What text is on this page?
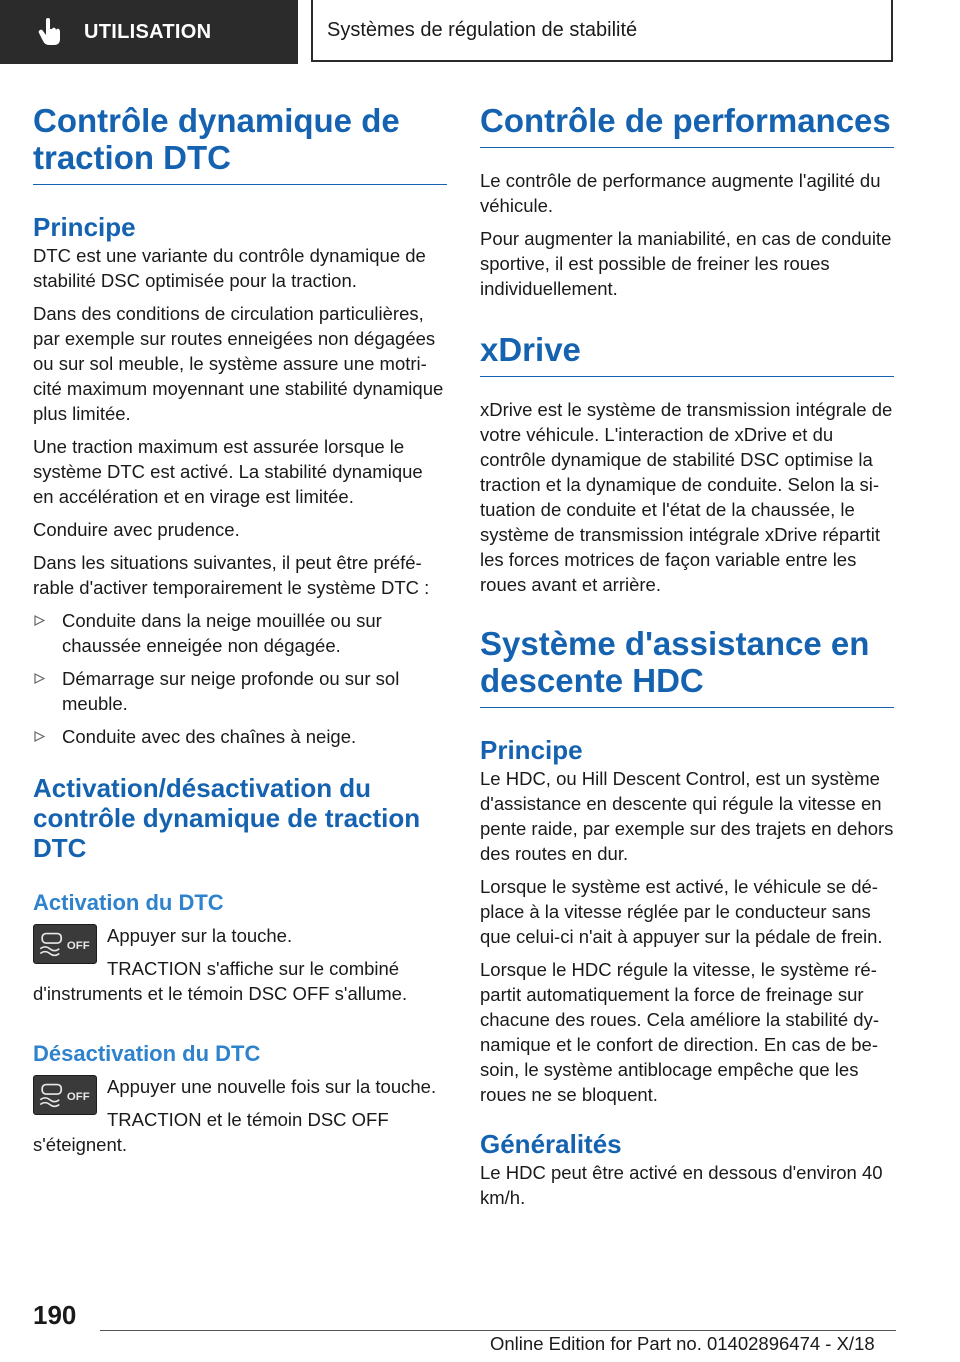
UTILISATION	Systèmes de régulation de stabilité
Contrôle dynamique de traction DTC
Principe

DTC est une variante du contrôle dynamique de stabilité DSC optimisée pour la traction.

Dans des conditions de circulation particulières, par exemple sur routes enneigées non dégagées ou sur sol meuble, le système assure une motricité maximum moyennant une stabilité dynamique plus limitée.

Une traction maximum est assurée lorsque le système DTC est activé. La stabilité dynamique en accélération et en virage est limitée.

Conduire avec prudence.

Dans les situations suivantes, il peut être préférable d'activer temporairement le système DTC :

Conduite dans la neige mouillée ou sur chaussée enneigée non dégagée.
Démarrage sur neige profonde ou sur sol meuble.
Conduite avec des chaînes à neige.
Activation/désactivation du contrôle dynamique de traction DTC
Activation du DTC
OFF Appuyer sur la touche.

TRACTION s'affiche sur le combiné d'instruments et le témoin DSC OFF s'allume.

Désactivation du DTC
OFF Appuyer une nouvelle fois sur la touche.

TRACTION et le témoin DSC OFF s'éteignent.

Contrôle de performances

Le contrôle de performance augmente l'agilité du véhicule.

Pour augmenter la maniabilité, en cas de conduite sportive, il est possible de freiner les roues individuellement.

xDrive

xDrive est le système de transmission intégrale de votre véhicule. L'interaction de xDrive et du contrôle dynamique de stabilité DSC optimise la traction et la dynamique de conduite. Selon la situation de conduite et l'état de la chaussée, le système de transmission intégrale xDrive répartit les forces motrices de façon variable entre les roues avant et arrière.

Système d'assistance en descente HDC
Principe

Le HDC, ou Hill Descent Control, est un système d'assistance en descente qui régule la vitesse en pente raide, par exemple sur des trajets en dehors des routes en dur.

Lorsque le système est activé, le véhicule se déplace à la vitesse réglée par le conducteur sans que celui-ci n'ait à appuyer sur la pédale de frein.

Lorsque le HDC régule la vitesse, le système répartit automatiquement la force de freinage sur chacune des roues. Cela améliore la stabilité dynamique et le confort de direction. En cas de besoin, le système antiblocage empêche que les roues ne se bloquent.

Généralités

Le HDC peut être activé en dessous d'environ 40 km/h.

190
Online Edition for Part no. 01402896474 - X/18
